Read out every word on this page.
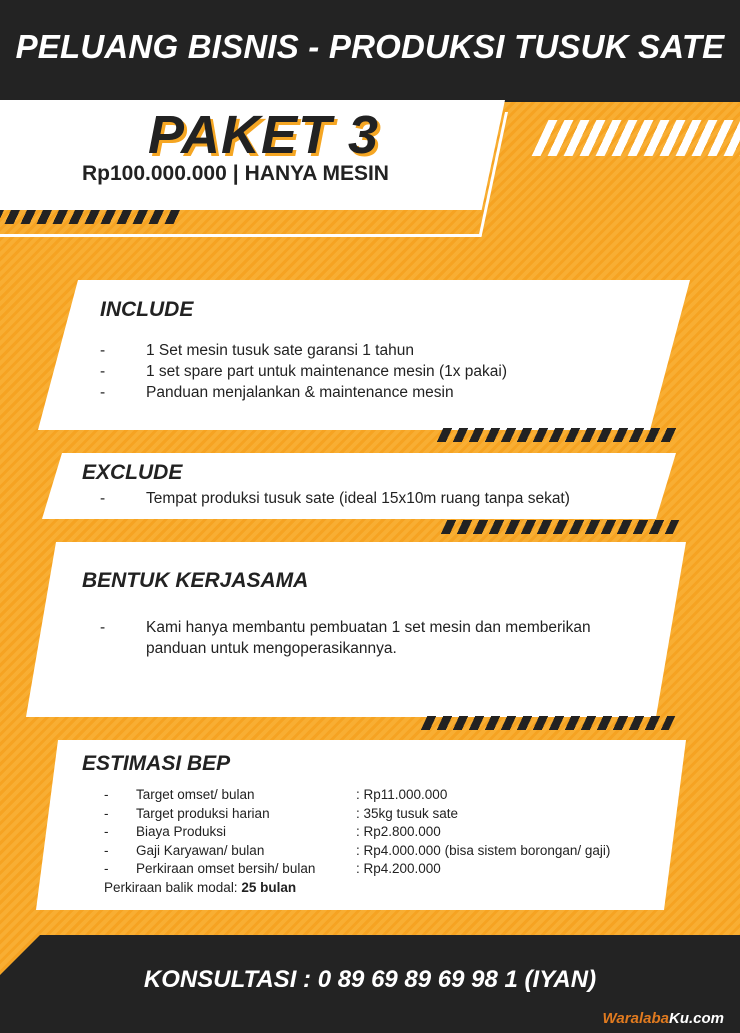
PELUANG BISNIS - PRODUKSI TUSUK SATE
PAKET 3
Rp100.000.000 | HANYA MESIN
INCLUDE
-	1 Set mesin tusuk sate garansi 1 tahun
-	1 set spare part untuk maintenance mesin (1x pakai)
-	Panduan menjalankan & maintenance mesin
EXCLUDE
-	Tempat produksi tusuk sate (ideal 15x10m ruang tanpa sekat)
BENTUK KERJASAMA
-	Kami hanya membantu pembuatan 1 set mesin dan memberikan panduan untuk mengoperasikannya.
ESTIMASI BEP
-	Target omset/ bulan	: Rp11.000.000
-	Target produksi harian	: 35kg tusuk sate
-	Biaya Produksi	: Rp2.800.000
-	Gaji Karyawan/ bulan	: Rp4.000.000 (bisa sistem borongan/ gaji)
-	Perkiraan omset bersih/ bulan	: Rp4.200.000
Perkiraan balik modal:
25 bulan
KONSULTASI : 0 89 69 89 69 98 1 (IYAN)
WaralabaKu.com
